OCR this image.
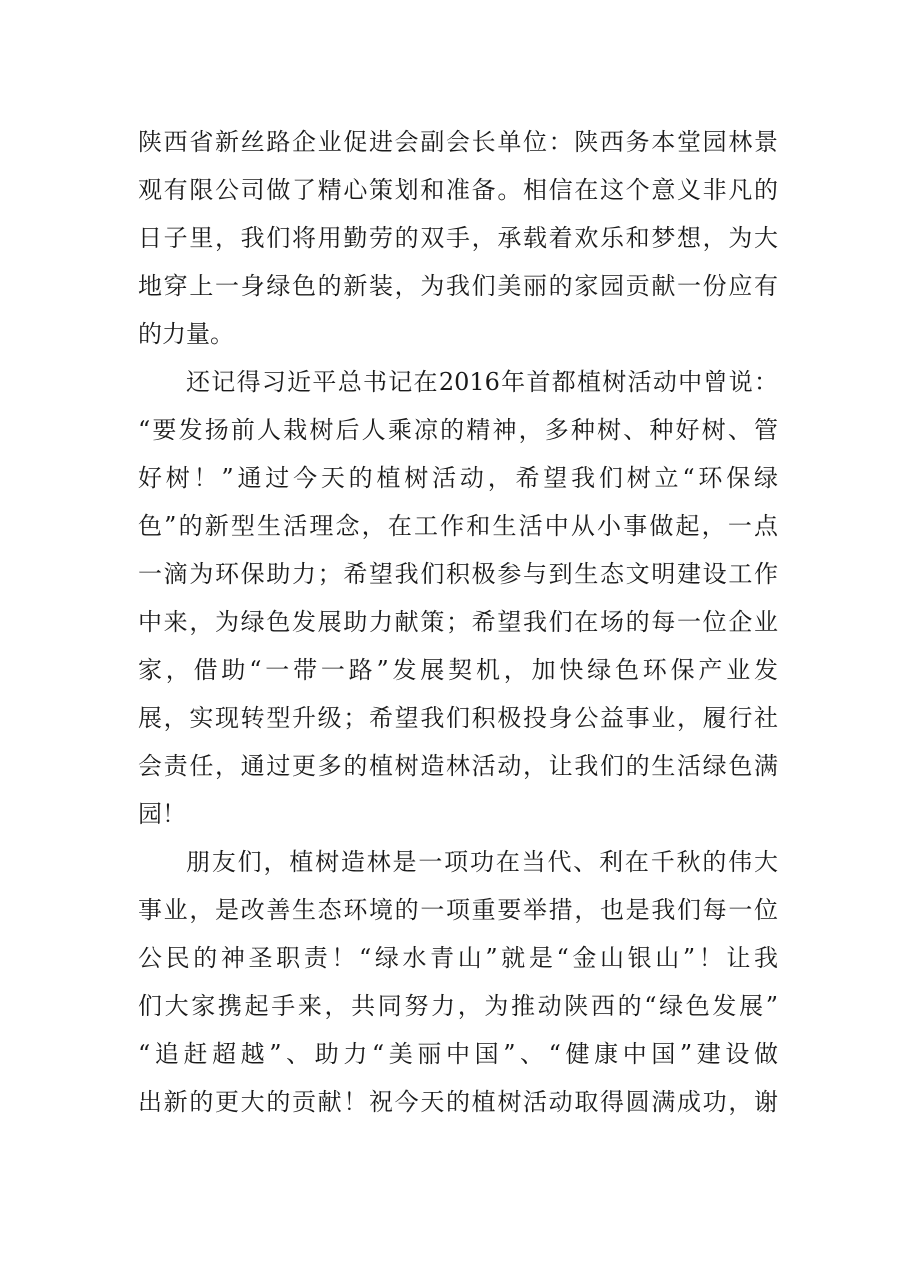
陕西省新丝路企业促进会副会长单位：陕西务本堂园林景
观有限公司做了精心策划和准备。相信在这个意义非凡的
日子里，我们将用勤劳的双手，承载着欢乐和梦想，为大
地穿上一身绿色的新装，为我们美丽的家园贡献一份应有
的力量。
还记得习近平总书记在2016年首都植树活动中曾说：
“要发扬前人栽树后人乘凉的精神，多种树、种好树、管
好树！”通过今天的植树活动，希望我们树立“环保绿
色”的新型生活理念，在工作和生活中从小事做起，一点
一滴为环保助力；希望我们积极参与到生态文明建设工作
中来，为绿色发展助力献策；希望我们在场的每一位企业
家，借助“一带一路”发展契机，加快绿色环保产业发
展，实现转型升级；希望我们积极投身公益事业，履行社
会责任，通过更多的植树造林活动，让我们的生活绿色满
园！
朋友们，植树造林是一项功在当代、利在千秋的伟大
事业，是改善生态环境的一项重要举措，也是我们每一位
公民的神圣职责！“绿水青山”就是“金山银山”！让我
们大家携起手来，共同努力，为推动陕西的“绿色发展”
“追赶超越”、助力“美丽中国”、“健康中国”建设做
出新的更大的贡献！祝今天的植树活动取得圆满成功，谢
